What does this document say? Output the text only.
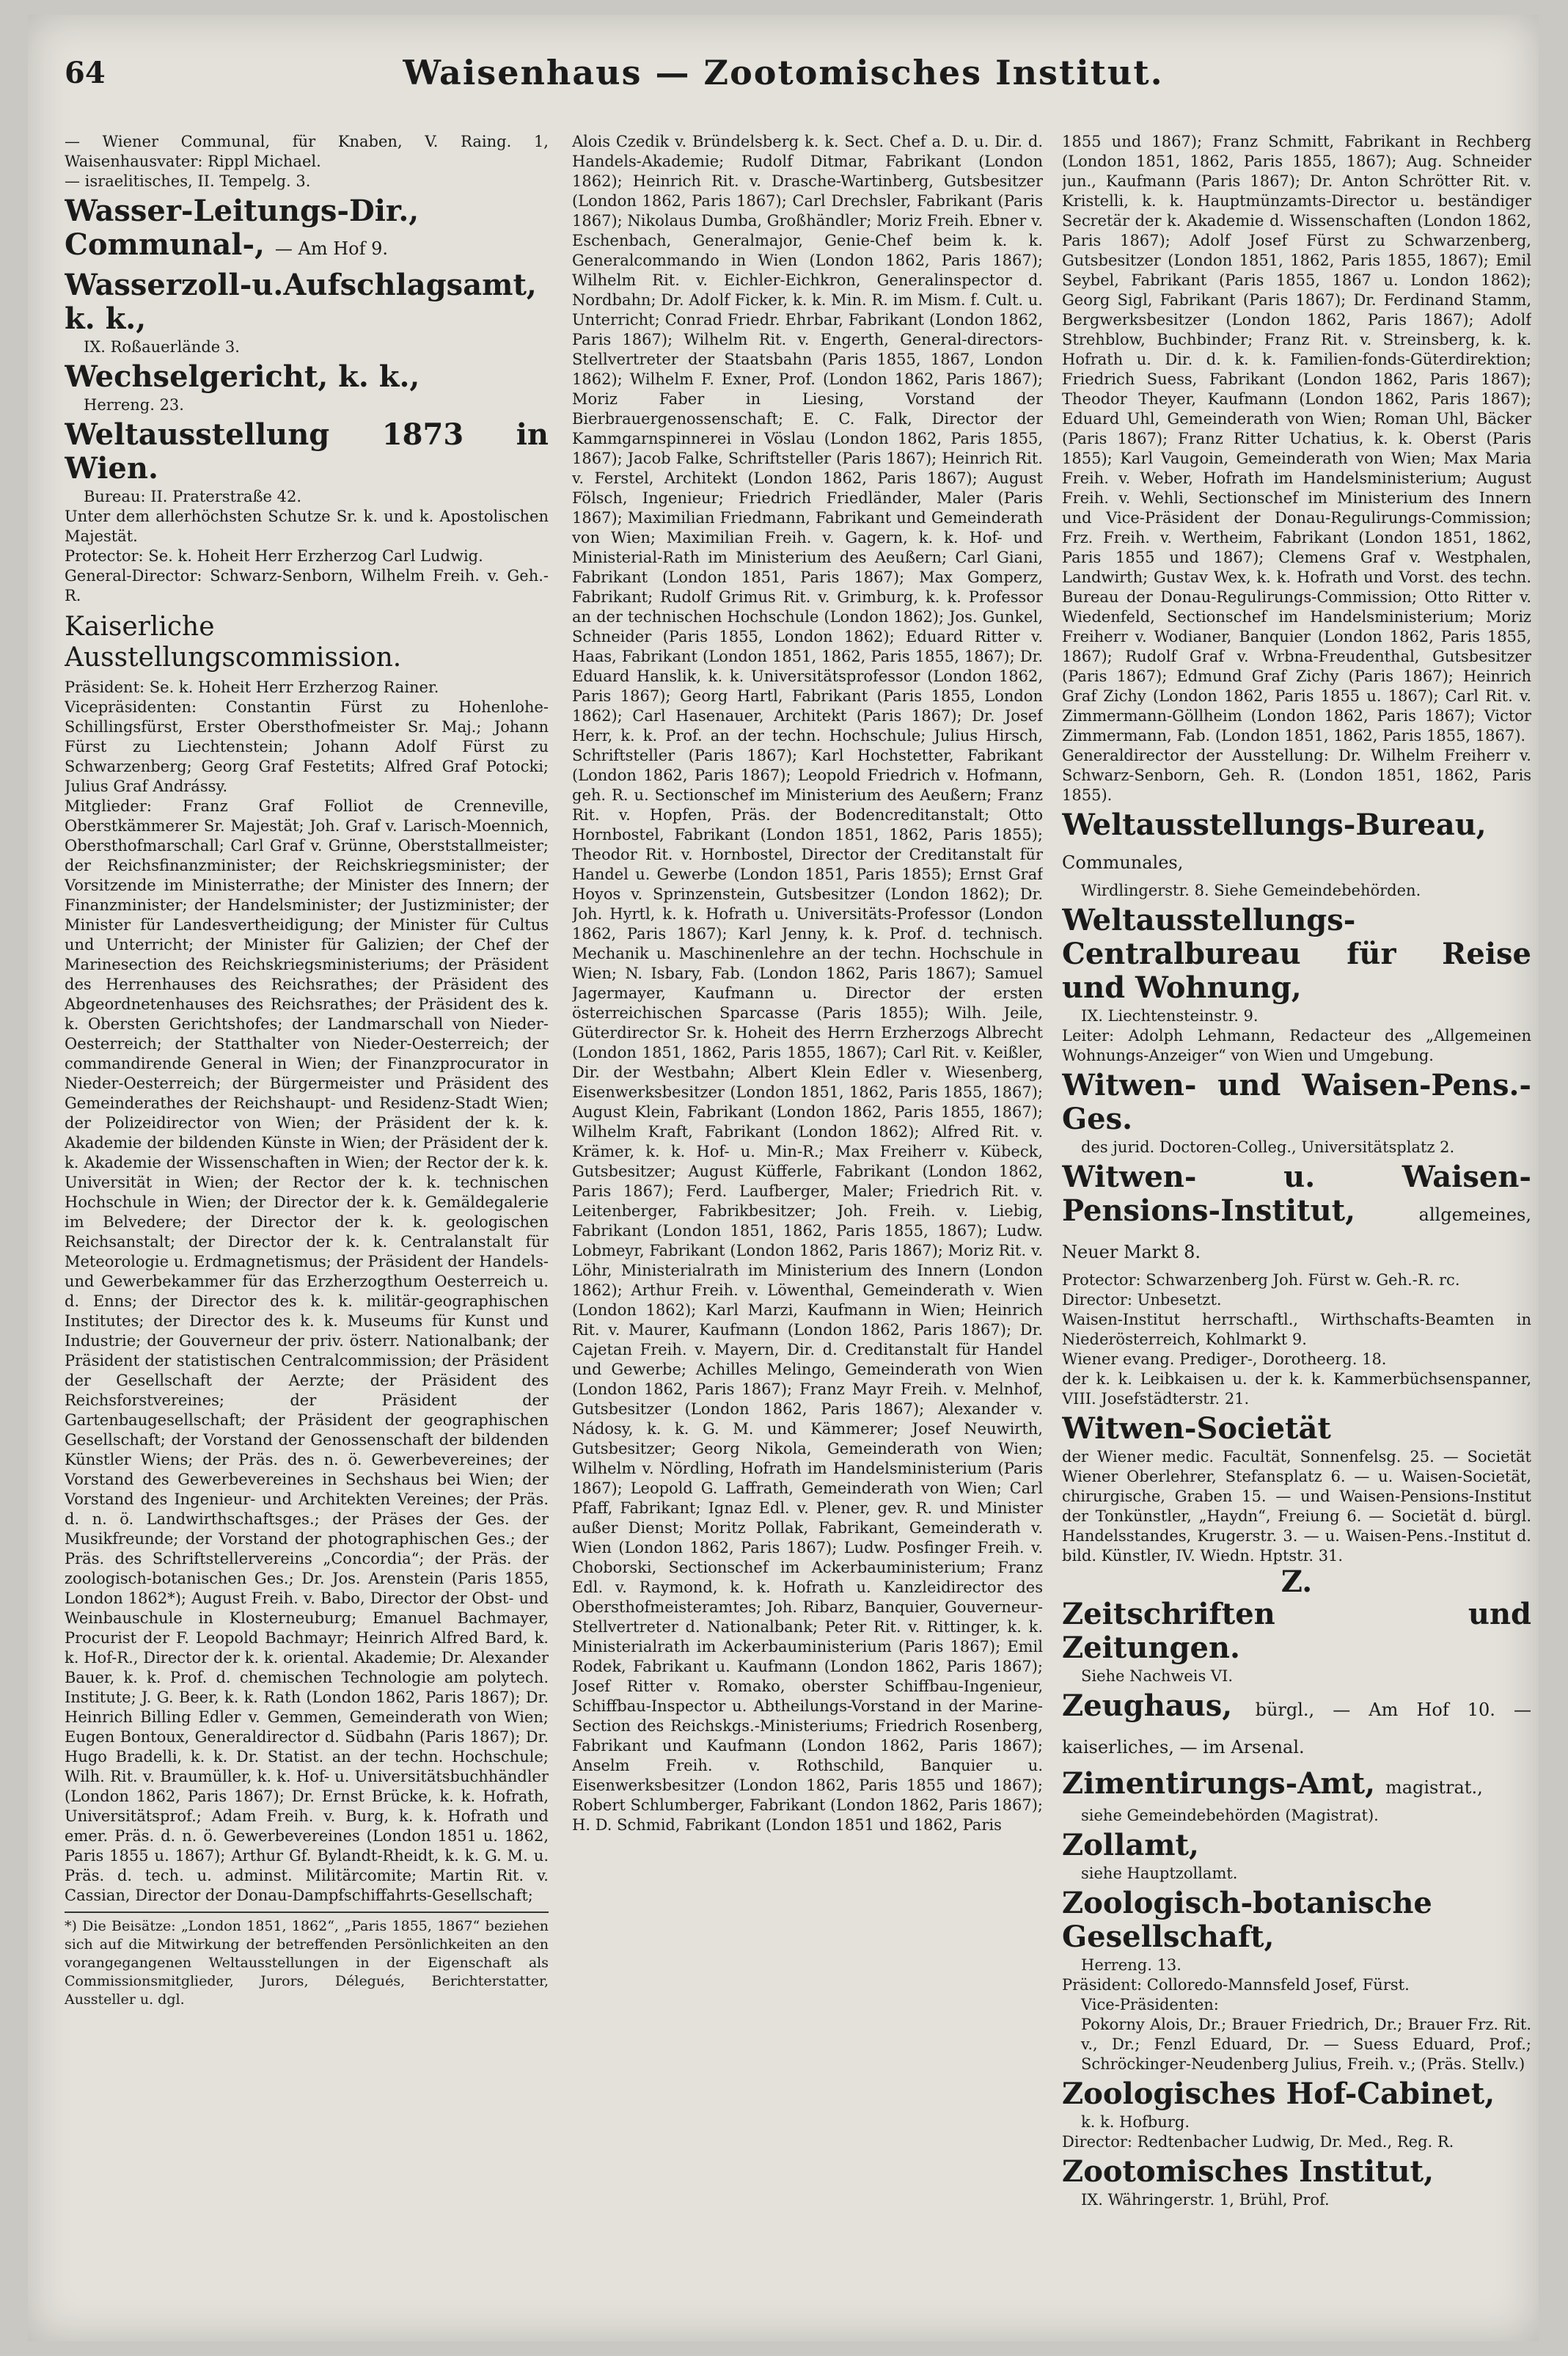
64	Waisenhaus — Zootomisches Institut.

— Wiener Communal, für Knaben, V. Raing. 1, Waisenhausvater: Rippl Michael.

— israelitisches, II. Tempelg. 3.

Wasser-Leitungs-Dir., Communal-, — Am Hof 9.
Wasserzoll-u.Aufschlagsamt, k. k.,

IX. Roßauerlände 3.

Wechselgericht, k. k.,

Herreng. 23.

Weltausstellung 1873 in Wien.

Bureau: II. Praterstraße 42.

Unter dem allerhöchsten Schutze Sr. k. und k. Apostolischen Majestät.

Protector: Se. k. Hoheit Herr Erzherzog Carl Ludwig.

General-Director: Schwarz-Senborn, Wilhelm Freih. v. Geh.-R.

Kaiserliche Ausstellungscommission.

Präsident: Se. k. Hoheit Herr Erzherzog Rainer.

Vicepräsidenten: Constantin Fürst zu Hohenlohe-Schillingsfürst, Erster Obersthofmeister Sr. Maj.; Johann Fürst zu Liechtenstein; Johann Adolf Fürst zu Schwarzenberg; Georg Graf Festetits; Alfred Graf Potocki; Julius Graf Andrássy.

Mitglieder: Franz Graf Folliot de Crenneville, Oberstkämmerer Sr. Majestät; Joh. Graf v. Larisch-Moennich, Obersthofmarschall; Carl Graf v. Grünne, Oberststallmeister; der Reichsfinanzminister; der Reichskriegsminister; der Vorsitzende im Ministerrathe; der Minister des Innern; der Finanzminister; der Handelsminister; der Justizminister; der Minister für Landesvertheidigung; der Minister für Cultus und Unterricht; der Minister für Galizien; der Chef der Marinesection des Reichskriegsministeriums; der Präsident des Herrenhauses des Reichsrathes; der Präsident des Abgeordnetenhauses des Reichsrathes; der Präsident des k. k. Obersten Gerichtshofes; der Landmarschall von Nieder-Oesterreich; der Statthalter von Nieder-Oesterreich; der commandirende General in Wien; der Finanzprocurator in Nieder-Oesterreich; der Bürgermeister und Präsident des Gemeinderathes der Reichshaupt- und Residenz-Stadt Wien; der Polizeidirector von Wien; der Präsident der k. k. Akademie der bildenden Künste in Wien; der Präsident der k. k. Akademie der Wissenschaften in Wien; der Rector der k. k. Universität in Wien; der Rector der k. k. technischen Hochschule in Wien; der Director der k. k. Gemäldegalerie im Belvedere; der Director der k. k. geologischen Reichsanstalt; der Director der k. k. Centralanstalt für Meteorologie u. Erdmagnetismus; der Präsident der Handels- und Gewerbekammer für das Erzherzogthum Oesterreich u. d. Enns; der Director des k. k. militär-geographischen Institutes; der Director des k. k. Museums für Kunst und Industrie; der Gouverneur der priv. österr. Nationalbank; der Präsident der statistischen Centralcommission; der Präsident der Gesellschaft der Aerzte; der Präsident des Reichsforstvereines; der Präsident der Gartenbaugesellschaft; der Präsident der geographischen Gesellschaft; der Vorstand der Genossenschaft der bildenden Künstler Wiens; der Präs. des n. ö. Gewerbevereines; der Vorstand des Gewerbevereines in Sechshaus bei Wien; der Vorstand des Ingenieur- und Architekten Vereines; der Präs. d. n. ö. Landwirthschaftsges.; der Präses der Ges. der Musikfreunde; der Vorstand der photographischen Ges.; der Präs. des Schriftstellervereins „Concordia“; der Präs. der zoologisch-botanischen Ges.; Dr. Jos. Arenstein (Paris 1855, London 1862*); August Freih. v. Babo, Director der Obst- und Weinbauschule in Klosterneuburg; Emanuel Bachmayer, Procurist der F. Leopold Bachmayr; Heinrich Alfred Bard, k. k. Hof-R., Director der k. k. oriental. Akademie; Dr. Alexander Bauer, k. k. Prof. d. chemischen Technologie am polytech. Institute; J. G. Beer, k. k. Rath (London 1862, Paris 1867); Dr. Heinrich Billing Edler v. Gemmen, Gemeinderath von Wien; Eugen Bontoux, Generaldirector d. Südbahn (Paris 1867); Dr. Hugo Bradelli, k. k. Dr. Statist. an der techn. Hochschule; Wilh. Rit. v. Braumüller, k. k. Hof- u. Universitätsbuchhändler (London 1862, Paris 1867); Dr. Ernst Brücke, k. k. Hofrath, Universitätsprof.; Adam Freih. v. Burg, k. k. Hofrath und emer. Präs. d. n. ö. Gewerbevereines (London 1851 u. 1862, Paris 1855 u. 1867); Arthur Gf. Bylandt-Rheidt, k. k. G. M. u. Präs. d. tech. u. adminst. Militärcomite; Martin Rit. v. Cassian, Director der Donau-Dampfschiffahrts-Gesellschaft;

*) Die Beisätze: „London 1851, 1862“, „Paris 1855, 1867“ beziehen sich auf die Mitwirkung der betreffenden Persönlichkeiten an den vorangegangenen Weltausstellungen in der Eigenschaft als Commissionsmitglieder, Jurors, Délegués, Berichterstatter, Aussteller u. dgl.

Alois Czedik v. Bründelsberg k. k. Sect. Chef a. D. u. Dir. d. Handels-Akademie; Rudolf Ditmar, Fabrikant (London 1862); Heinrich Rit. v. Drasche-Wartinberg, Gutsbesitzer (London 1862, Paris 1867); Carl Drechsler, Fabrikant (Paris 1867); Nikolaus Dumba, Großhändler; Moriz Freih. Ebner v. Eschenbach, Generalmajor, Genie-Chef beim k. k. Generalcommando in Wien (London 1862, Paris 1867); Wilhelm Rit. v. Eichler-Eichkron, Generalinspector d. Nordbahn; Dr. Adolf Ficker, k. k. Min. R. im Mism. f. Cult. u. Unterricht; Conrad Friedr. Ehrbar, Fabrikant (London 1862, Paris 1867); Wilhelm Rit. v. Engerth, General-directors-Stellvertreter der Staatsbahn (Paris 1855, 1867, London 1862); Wilhelm F. Exner, Prof. (London 1862, Paris 1867); Moriz Faber in Liesing, Vorstand der Bierbrauergenossenschaft; E. C. Falk, Director der Kammgarnspinnerei in Vöslau (London 1862, Paris 1855, 1867); Jacob Falke, Schriftsteller (Paris 1867); Heinrich Rit. v. Ferstel, Architekt (London 1862, Paris 1867); August Fölsch, Ingenieur; Friedrich Friedländer, Maler (Paris 1867); Maximilian Friedmann, Fabrikant und Gemeinderath von Wien; Maximilian Freih. v. Gagern, k. k. Hof- und Ministerial-Rath im Ministerium des Aeußern; Carl Giani, Fabrikant (London 1851, Paris 1867); Max Gomperz, Fabrikant; Rudolf Grimus Rit. v. Grimburg, k. k. Professor an der technischen Hochschule (London 1862); Jos. Gunkel, Schneider (Paris 1855, London 1862); Eduard Ritter v. Haas, Fabrikant (London 1851, 1862, Paris 1855, 1867); Dr. Eduard Hanslik, k. k. Universitätsprofessor (London 1862, Paris 1867); Georg Hartl, Fabrikant (Paris 1855, London 1862); Carl Hasenauer, Architekt (Paris 1867); Dr. Josef Herr, k. k. Prof. an der techn. Hochschule; Julius Hirsch, Schriftsteller (Paris 1867); Karl Hochstetter, Fabrikant (London 1862, Paris 1867); Leopold Friedrich v. Hofmann, geh. R. u. Sectionschef im Ministerium des Aeußern; Franz Rit. v. Hopfen, Präs. der Bodencreditanstalt; Otto Hornbostel, Fabrikant (London 1851, 1862, Paris 1855); Theodor Rit. v. Hornbostel, Director der Creditanstalt für Handel u. Gewerbe (London 1851, Paris 1855); Ernst Graf Hoyos v. Sprinzenstein, Gutsbesitzer (London 1862); Dr. Joh. Hyrtl, k. k. Hofrath u. Universitäts-Professor (London 1862, Paris 1867); Karl Jenny, k. k. Prof. d. technisch. Mechanik u. Maschinenlehre an der techn. Hochschule in Wien; N. Isbary, Fab. (London 1862, Paris 1867); Samuel Jagermayer, Kaufmann u. Director der ersten österreichischen Sparcasse (Paris 1855); Wilh. Jeile, Güterdirector Sr. k. Hoheit des Herrn Erzherzogs Albrecht (London 1851, 1862, Paris 1855, 1867); Carl Rit. v. Keißler, Dir. der Westbahn; Albert Klein Edler v. Wiesenberg, Eisenwerksbesitzer (London 1851, 1862, Paris 1855, 1867); August Klein, Fabrikant (London 1862, Paris 1855, 1867); Wilhelm Kraft, Fabrikant (London 1862); Alfred Rit. v. Krämer, k. k. Hof- u. Min-R.; Max Freiherr v. Kübeck, Gutsbesitzer; August Küfferle, Fabrikant (London 1862, Paris 1867); Ferd. Laufberger, Maler; Friedrich Rit. v. Leitenberger, Fabrikbesitzer; Joh. Freih. v. Liebig, Fabrikant (London 1851, 1862, Paris 1855, 1867); Ludw. Lobmeyr, Fabrikant (London 1862, Paris 1867); Moriz Rit. v. Löhr, Ministerialrath im Ministerium des Innern (London 1862); Arthur Freih. v. Löwenthal, Gemeinderath v. Wien (London 1862); Karl Marzi, Kaufmann in Wien; Heinrich Rit. v. Maurer, Kaufmann (London 1862, Paris 1867); Dr. Cajetan Freih. v. Mayern, Dir. d. Creditanstalt für Handel und Gewerbe; Achilles Melingo, Gemeinderath von Wien (London 1862, Paris 1867); Franz Mayr Freih. v. Melnhof, Gutsbesitzer (London 1862, Paris 1867); Alexander v. Nádosy, k. k. G. M. und Kämmerer; Josef Neuwirth, Gutsbesitzer; Georg Nikola, Gemeinderath von Wien; Wilhelm v. Nördling, Hofrath im Handelsministerium (Paris 1867); Leopold G. Laffrath, Gemeinderath von Wien; Carl Pfaff, Fabrikant; Ignaz Edl. v. Plener, gev. R. und Minister außer Dienst; Moritz Pollak, Fabrikant, Gemeinderath v. Wien (London 1862, Paris 1867); Ludw. Posfinger Freih. v. Choborski, Sectionschef im Ackerbauministerium; Franz Edl. v. Raymond, k. k. Hofrath u. Kanzleidirector des Obersthofmeisteramtes; Joh. Ribarz, Banquier, Gouverneur-Stellvertreter d. Nationalbank; Peter Rit. v. Rittinger, k. k. Ministerialrath im Ackerbauministerium (Paris 1867); Emil Rodek, Fabrikant u. Kaufmann (London 1862, Paris 1867); Josef Ritter v. Romako, oberster Schiffbau-Ingenieur, Schiffbau-Inspector u. Abtheilungs-Vorstand in der Marine-Section des Reichskgs.-Ministeriums; Friedrich Rosenberg, Fabrikant und Kaufmann (London 1862, Paris 1867); Anselm Freih. v. Rothschild, Banquier u. Eisenwerksbesitzer (London 1862, Paris 1855 und 1867); Robert Schlumberger, Fabrikant (London 1862, Paris 1867); H. D. Schmid, Fabrikant (London 1851 und 1862, Paris

1855 und 1867); Franz Schmitt, Fabrikant in Rechberg (London 1851, 1862, Paris 1855, 1867); Aug. Schneider jun., Kaufmann (Paris 1867); Dr. Anton Schrötter Rit. v. Kristelli, k. k. Hauptmünzamts-Director u. beständiger Secretär der k. Akademie d. Wissenschaften (London 1862, Paris 1867); Adolf Josef Fürst zu Schwarzenberg, Gutsbesitzer (London 1851, 1862, Paris 1855, 1867); Emil Seybel, Fabrikant (Paris 1855, 1867 u. London 1862); Georg Sigl, Fabrikant (Paris 1867); Dr. Ferdinand Stamm, Bergwerksbesitzer (London 1862, Paris 1867); Adolf Strehblow, Buchbinder; Franz Rit. v. Streinsberg, k. k. Hofrath u. Dir. d. k. k. Familien-fonds-Güterdirektion; Friedrich Suess, Fabrikant (London 1862, Paris 1867); Theodor Theyer, Kaufmann (London 1862, Paris 1867); Eduard Uhl, Gemeinderath von Wien; Roman Uhl, Bäcker (Paris 1867); Franz Ritter Uchatius, k. k. Oberst (Paris 1855); Karl Vaugoin, Gemeinderath von Wien; Max Maria Freih. v. Weber, Hofrath im Handelsministerium; August Freih. v. Wehli, Sectionschef im Ministerium des Innern und Vice-Präsident der Donau-Regulirungs-Commission; Frz. Freih. v. Wertheim, Fabrikant (London 1851, 1862, Paris 1855 und 1867); Clemens Graf v. Westphalen, Landwirth; Gustav Wex, k. k. Hofrath und Vorst. des techn. Bureau der Donau-Regulirungs-Commission; Otto Ritter v. Wiedenfeld, Sectionschef im Handelsministerium; Moriz Freiherr v. Wodianer, Banquier (London 1862, Paris 1855, 1867); Rudolf Graf v. Wrbna-Freudenthal, Gutsbesitzer (Paris 1867); Edmund Graf Zichy (Paris 1867); Heinrich Graf Zichy (London 1862, Paris 1855 u. 1867); Carl Rit. v. Zimmermann-Göllheim (London 1862, Paris 1867); Victor Zimmermann, Fab. (London 1851, 1862, Paris 1855, 1867).

Generaldirector der Ausstellung: Dr. Wilhelm Freiherr v. Schwarz-Senborn, Geh. R. (London 1851, 1862, Paris 1855).

Weltausstellungs-Bureau, Communales,

Wirdlingerstr. 8. Siehe Gemeindebehörden.

Weltausstellungs-Centralbureau für Reise und Wohnung,

IX. Liechtensteinstr. 9.

Leiter: Adolph Lehmann, Redacteur des „Allgemeinen Wohnungs-Anzeiger“ von Wien und Umgebung.

Witwen- und Waisen-Pens.-Ges.

des jurid. Doctoren-Colleg., Universitätsplatz 2.

Witwen- u. Waisen-Pensions-Institut,	allgemeines, Neuer Markt 8.

Protector: Schwarzenberg Joh. Fürst w. Geh.-R. rc.

Director: Unbesetzt.

Waisen-Institut herrschaftl., Wirthschafts-Beamten in Niederösterreich, Kohlmarkt 9.

Wiener evang. Prediger-, Dorotheerg. 18.

der k. k. Leibkaisen u. der k. k. Kammerbüchsenspanner, VIII. Josefstädterstr. 21.

Witwen-Societät

der Wiener medic. Facultät, Sonnenfelsg. 25. — Societät Wiener Oberlehrer, Stefansplatz 6. — u. Waisen-Societät, chirurgische, Graben 15. — und Waisen-Pensions-Institut der Tonkünstler, „Haydn“, Freiung 6. — Societät d. bürgl. Handelsstandes, Krugerstr. 3. — u. Waisen-Pens.-Institut d. bild. Künstler, IV. Wiedn. Hptstr. 31.

Z.
Zeitschriften und Zeitungen.

Siehe Nachweis VI.

Zeughaus, bürgl., — Am Hof 10. — kaiserliches, — im Arsenal.
Zimentirungs-Amt, magistrat.,

siehe Gemeindebehörden (Magistrat).

Zollamt,

siehe Hauptzollamt.

Zoologisch-botanische Gesellschaft,

Herreng. 13.

Präsident: Colloredo-Mannsfeld Josef, Fürst.

Vice-Präsidenten:

Pokorny Alois, Dr.; Brauer Friedrich, Dr.; Brauer Frz. Rit. v., Dr.; Fenzl Eduard, Dr. — Suess Eduard, Prof.; Schröckinger-Neudenberg Julius, Freih. v.; (Präs. Stellv.)

Zoologisches Hof-Cabinet,

k. k. Hofburg.

Director: Redtenbacher Ludwig, Dr. Med., Reg. R.

Zootomisches Institut,

IX. Währingerstr. 1, Brühl, Prof.
